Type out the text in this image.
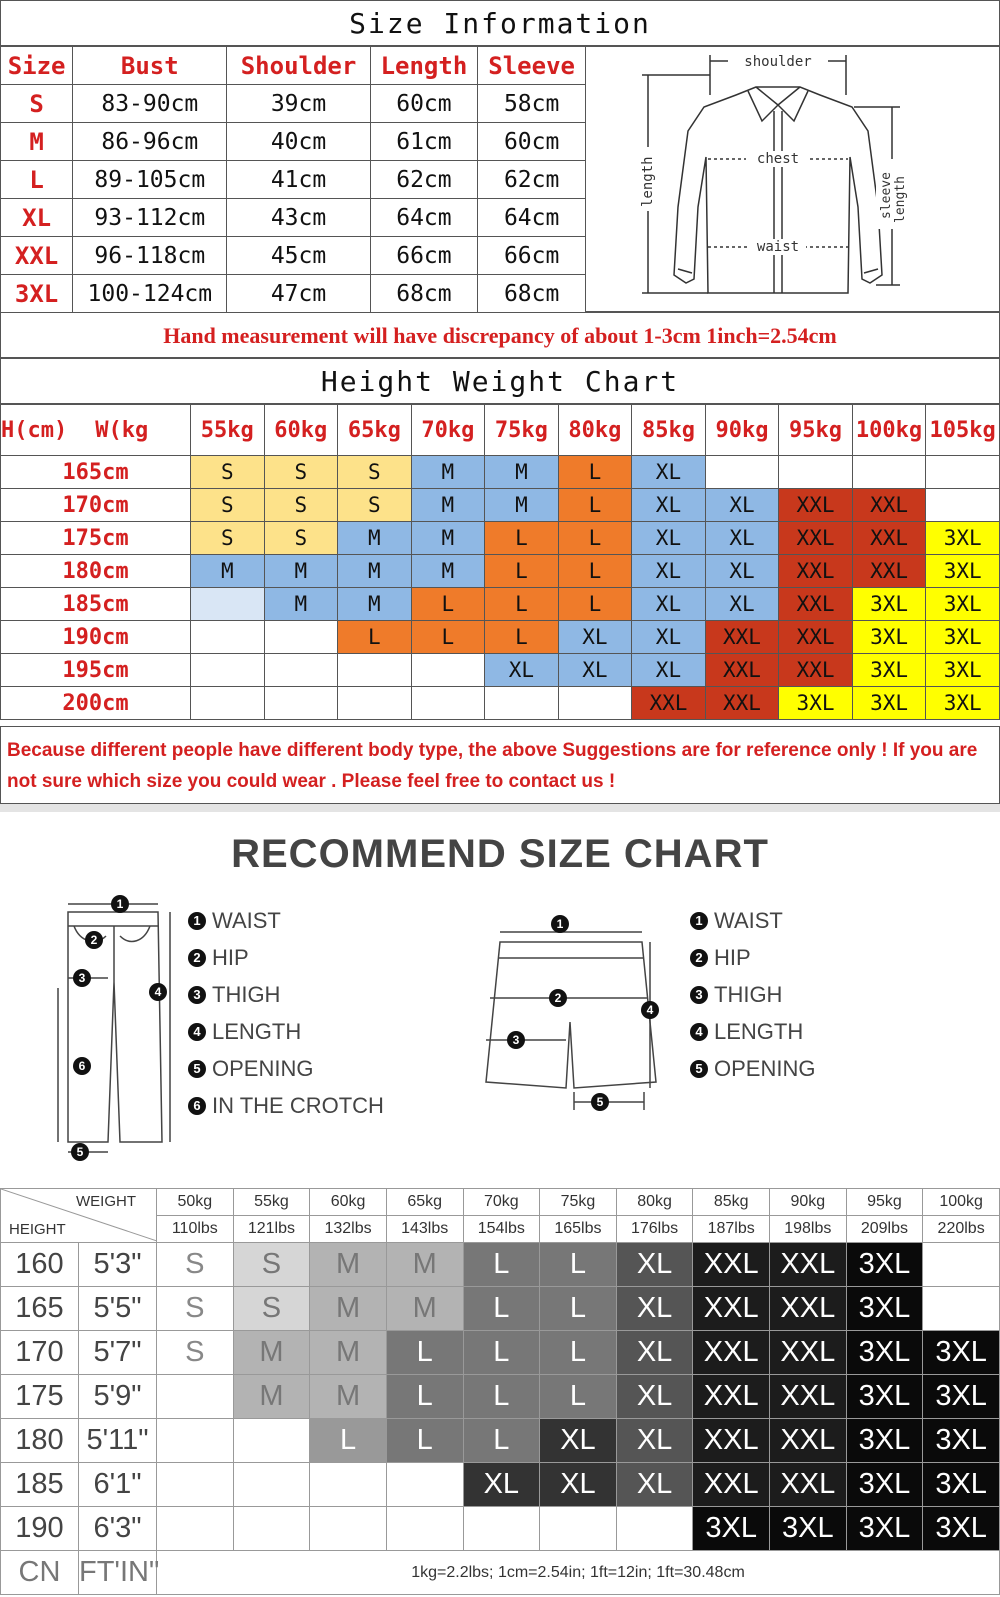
Size Information
Size	Bust	Shoulder	Length	Sleeve
S	83-90cm	39cm	60cm	58cm
M	86-96cm	40cm	61cm	60cm
L	89-105cm	41cm	62cm	62cm
XL	93-112cm	43cm	64cm	64cm
XXL	96-118cm	45cm	66cm	66cm
3XL	100-124cm	47cm	68cm	68cm
shoulder
chest
waist
length	sleeve length
Hand measurement will have discrepancy of about 1-3cm 1inch=2.54cm
Height Weight Chart
H(cm) W(kg	55kg	60kg	65kg	70kg	75kg	80kg	85kg	90kg	95kg	100kg	105kg
165cm	S	S	S	M	M	L	XL				
170cm	S	S	S	M	M	L	XL	XL	XXL	XXL	
175cm	S	S	M	M	L	L	XL	XL	XXL	XXL	3XL
180cm	M	M	M	M	L	L	XL	XL	XXL	XXL	3XL
185cm		M	M	L	L	L	XL	XL	XXL	3XL	3XL
190cm			L	L	L	XL	XL	XXL	XXL	3XL	3XL
195cm					XL	XL	XL	XXL	XXL	3XL	3XL
200cm							XXL	XXL	3XL	3XL	3XL
Because different people have different body type, the above Suggestions are for reference only ! If you are not sure which size you could wear . Please feel free to contact us !
RECOMMEND SIZE CHART
1
2
3
4
5
6
1 WAIST
2 HIP
3 THIGH
4 LENGTH
5 OPENING
6 IN THE CROTCH
1
2
3
4
5
1 WAIST
2 HIP
3 THIGH
4 LENGTH
5 OPENING
WEIGHT
HEIGHT		50kg	55kg	60kg	65kg	70kg	75kg	80kg	85kg	90kg	95kg	100kg
		110lbs	121lbs	132lbs	143lbs	154lbs	165lbs	176lbs	187lbs	198lbs	209lbs	220lbs
160	5'3"	S	S	M	M	L	L	XL	XXL	XXL	3XL	
165	5'5"	S	S	M	M	L	L	XL	XXL	XXL	3XL	
170	5'7"	S	M	M	L	L	L	XL	XXL	XXL	3XL	3XL
175	5'9"		M	M	L	L	L	XL	XXL	XXL	3XL	3XL
180	5'11"			L	L	L	XL	XL	XXL	XXL	3XL	3XL
185	6'1"					XL	XL	XL	XXL	XXL	3XL	3XL
190	6'3"								3XL	3XL	3XL	3XL
CN	FT'IN"	1kg=2.2lbs; 1cm=2.54in; 1ft=12in; 1ft=30.48cm										
